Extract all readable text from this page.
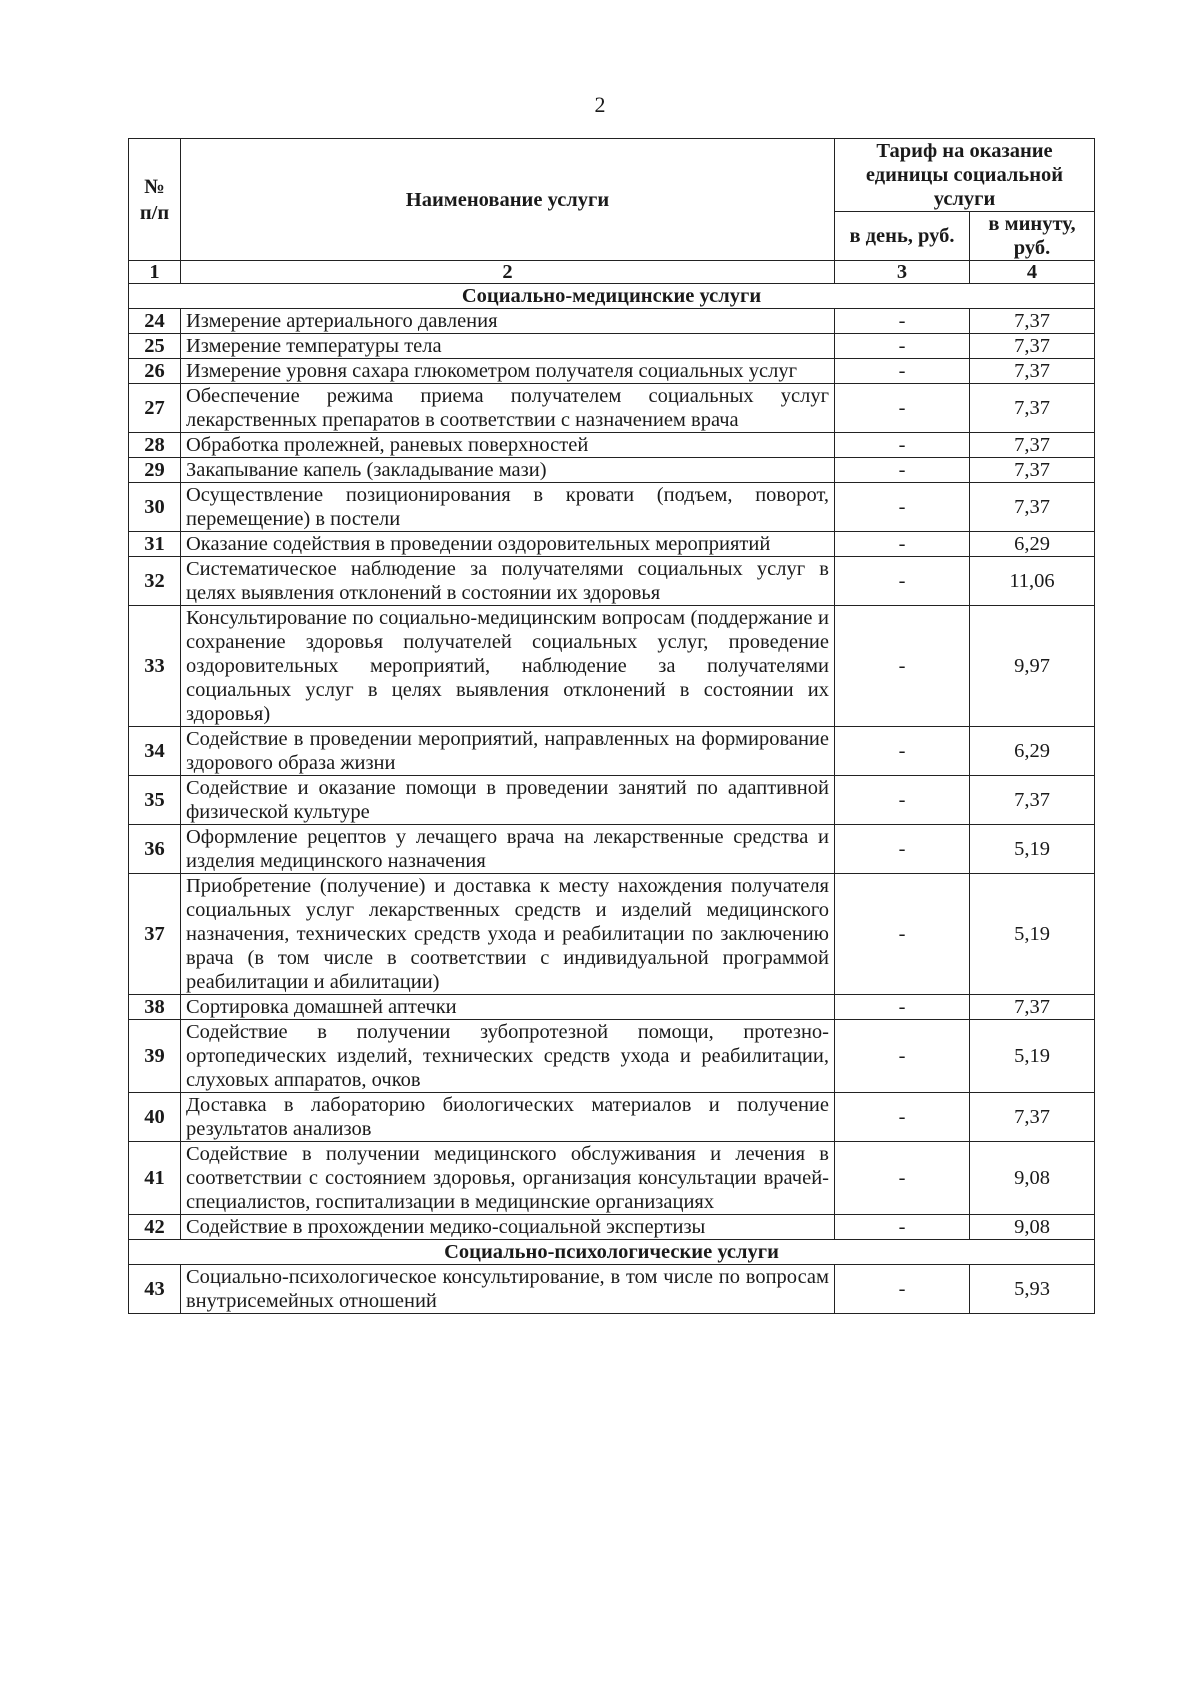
2
№
п/п	Наименование услуги	Тариф на оказание единицы социальной услуги	
		в день, руб.	в минуту, руб.
1	2	3	4
Социально-медицинские услуги			
24	Измерение артериального давления	-	7,37
25	Измерение температуры тела	-	7,37
26	Измерение уровня сахара глюкометром получателя социальных услуг	-	7,37
27	Обеспечение режима приема получателем социальных услуг лекарственных препаратов в соответствии с назначением врача	-	7,37
28	Обработка пролежней, раневых поверхностей	-	7,37
29	Закапывание капель (закладывание мази)	-	7,37
30	Осуществление позиционирования в кровати (подъем, поворот, перемещение) в постели	-	7,37
31	Оказание содействия в проведении оздоровительных мероприятий	-	6,29
32	Систематическое наблюдение за получателями социальных услуг в целях выявления отклонений в состоянии их здоровья	-	11,06
33	Консультирование по социально-медицинским вопросам (поддержание и сохранение здоровья получателей социальных услуг, проведение оздоровительных мероприятий, наблюдение за получателями социальных услуг в целях выявления отклонений в состоянии их здоровья)	-	9,97
34	Содействие в проведении мероприятий, направленных на формирование здорового образа жизни	-	6,29
35	Содействие и оказание помощи в проведении занятий по адаптивной физической культуре	-	7,37
36	Оформление рецептов у лечащего врача на лекарственные средства и изделия медицинского назначения	-	5,19
37	Приобретение (получение) и доставка к месту нахождения получателя социальных услуг лекарственных средств и изделий медицинского назначения, технических средств ухода и реабилитации по заключению врача (в том числе в соответствии с индивидуальной программой реабилитации и абилитации)	-	5,19
38	Сортировка домашней аптечки	-	7,37
39	Содействие в получении зубопротезной помощи, протезно-ортопедических изделий, технических средств ухода и реабилитации, слуховых аппаратов, очков	-	5,19
40	Доставка в лабораторию биологических материалов и получение результатов анализов	-	7,37
41	Содействие в получении медицинского обслуживания и лечения в соответствии с состоянием здоровья, организация консультации врачей-специалистов, госпитализации в медицинские организациях	-	9,08
42	Содействие в прохождении медико-социальной экспертизы	-	9,08
Социально-психологические услуги			
43	Социально-психологическое консультирование, в том числе по вопросам внутрисемейных отношений	-	5,93
